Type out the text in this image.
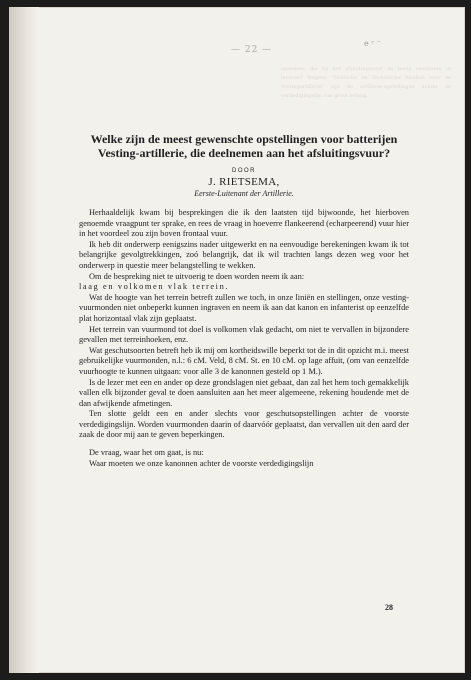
— 22 —
e ᶜ ⁻
opstellen, die bij het afsluitingsvuur de beste resultaten te leveren? Volgens "Tactische en Technische Wenken voor de Vestingartillerie" zijn de artillerie-opstellingen achter de verdedigingslijn van groot belang.
Welke zijn de meest gewenschte opstellingen voor batterijen Vesting-artillerie, die deelnemen aan het afsluitingsvuur?
DOOR
J. RIETSEMA,
Eerste-Luitenant der Artillerie.

Herhaaldelijk kwam bij besprekingen die ik den laatsten tijd bijwoonde, het hierboven genoemde vraagpunt ter sprake, en rees de vraag in hoeverre flankeerend (echarpeerend) vuur hier in het voordeel zou zijn boven frontaal vuur.

Ik heb dit onderwerp eenigszins nader uitgewerkt en na eenvoudige berekeningen kwam ik tot belangrijke gevolgtrekkingen, zoó belangrijk, dat ik wil trachten langs dezen weg voor het onderwerp in questie meer belangstelling te wekken.

Om de bespreking niet te uitvoerig te doen worden neem ik aan:

laag en volkomen vlak terrein.

Wat de hoogte van het terrein betreft zullen we toch, in onze liniën en stellingen, onze vesting-vuurmonden niet onbeperkt kunnen ingraven en neem ik aan dat kanon en infanterist op eenzelfde plat horizontaal vlak zijn geplaatst.

Het terrein van vuurmond tot doel is volkomen vlak gedacht, om niet te vervallen in bijzondere gevallen met terreinhoeken, enz.

Wat geschutsoorten betreft heb ik mij om kortheidswille beperkt tot de in dit opzicht m.i. meest gebruikelijke vuurmonden, n.l.: 6 cM. Veld, 8 cM. St. en 10 cM. op lage affuit, (om van eenzelfde vuurhoogte te kunnen uitgaan: voor alle 3 de kanonnen gesteld op 1 M.).

Is de lezer met een en ander op deze grondslagen niet gebaat, dan zal het hem toch gemakkelijk vallen elk bijzonder geval te doen aansluiten aan het meer algemeene, rekening houdende met de dan afwijkende afmetingen.

Ten slotte geldt een en ander slechts voor geschutsopstellingen achter de voorste verdedigingslijn. Worden vuurmonden daarin of daarvóór geplaatst, dan vervallen uit den aard der zaak de door mij aan te geven beperkingen.

De vraag, waar het om gaat, is nu:

Waar moeten we onze kanonnen achter de voorste verdedigingslijn

28
